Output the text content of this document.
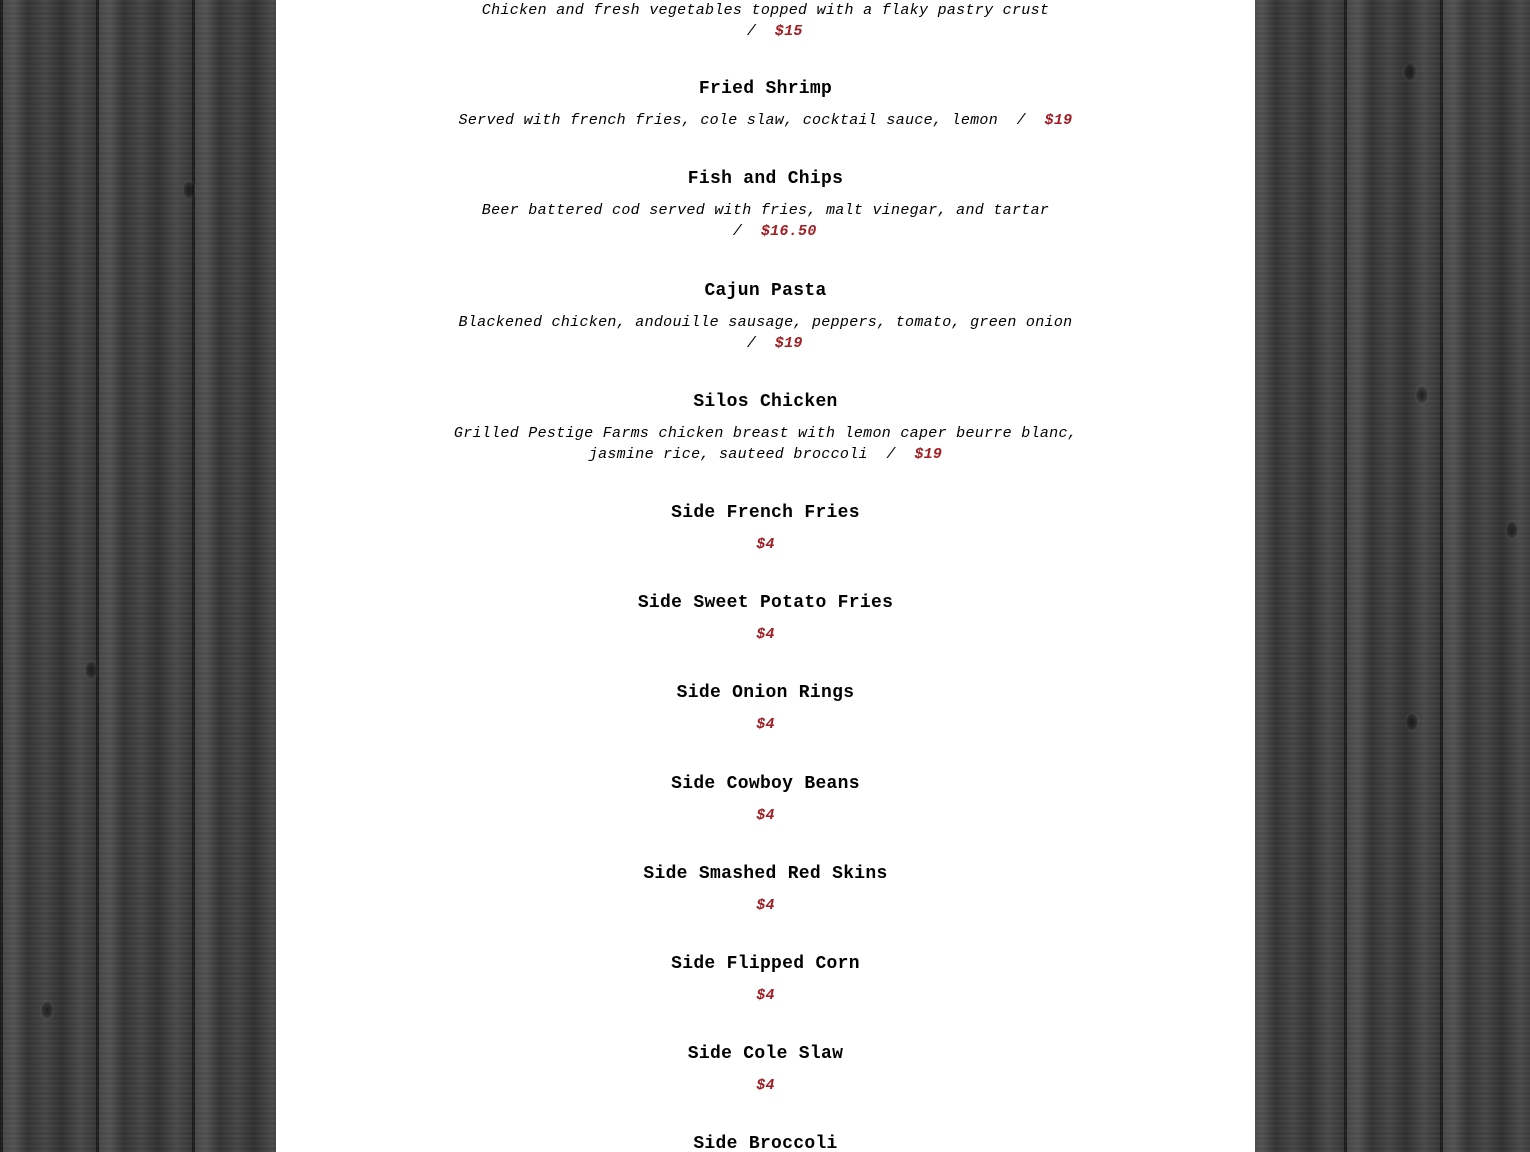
Chicken and fresh vegetables topped with a flaky pastry crust  /  $15

Fried Shrimp

Served with french fries, cole slaw, cocktail sauce, lemon  /  $19

Fish and Chips

Beer battered cod served with fries, malt vinegar, and tartar  /  $16.50

Cajun Pasta

Blackened chicken, andouille sausage, peppers, tomato, green onion  /  $19

Silos Chicken

Grilled Pestige Farms chicken breast with lemon caper beurre blanc, jasmine rice, sauteed broccoli  /  $19

Side French Fries

$4

Side Sweet Potato Fries

$4

Side Onion Rings

$4

Side Cowboy Beans

$4

Side Smashed Red Skins

$4

Side Flipped Corn

$4

Side Cole Slaw

$4

Side Broccoli
